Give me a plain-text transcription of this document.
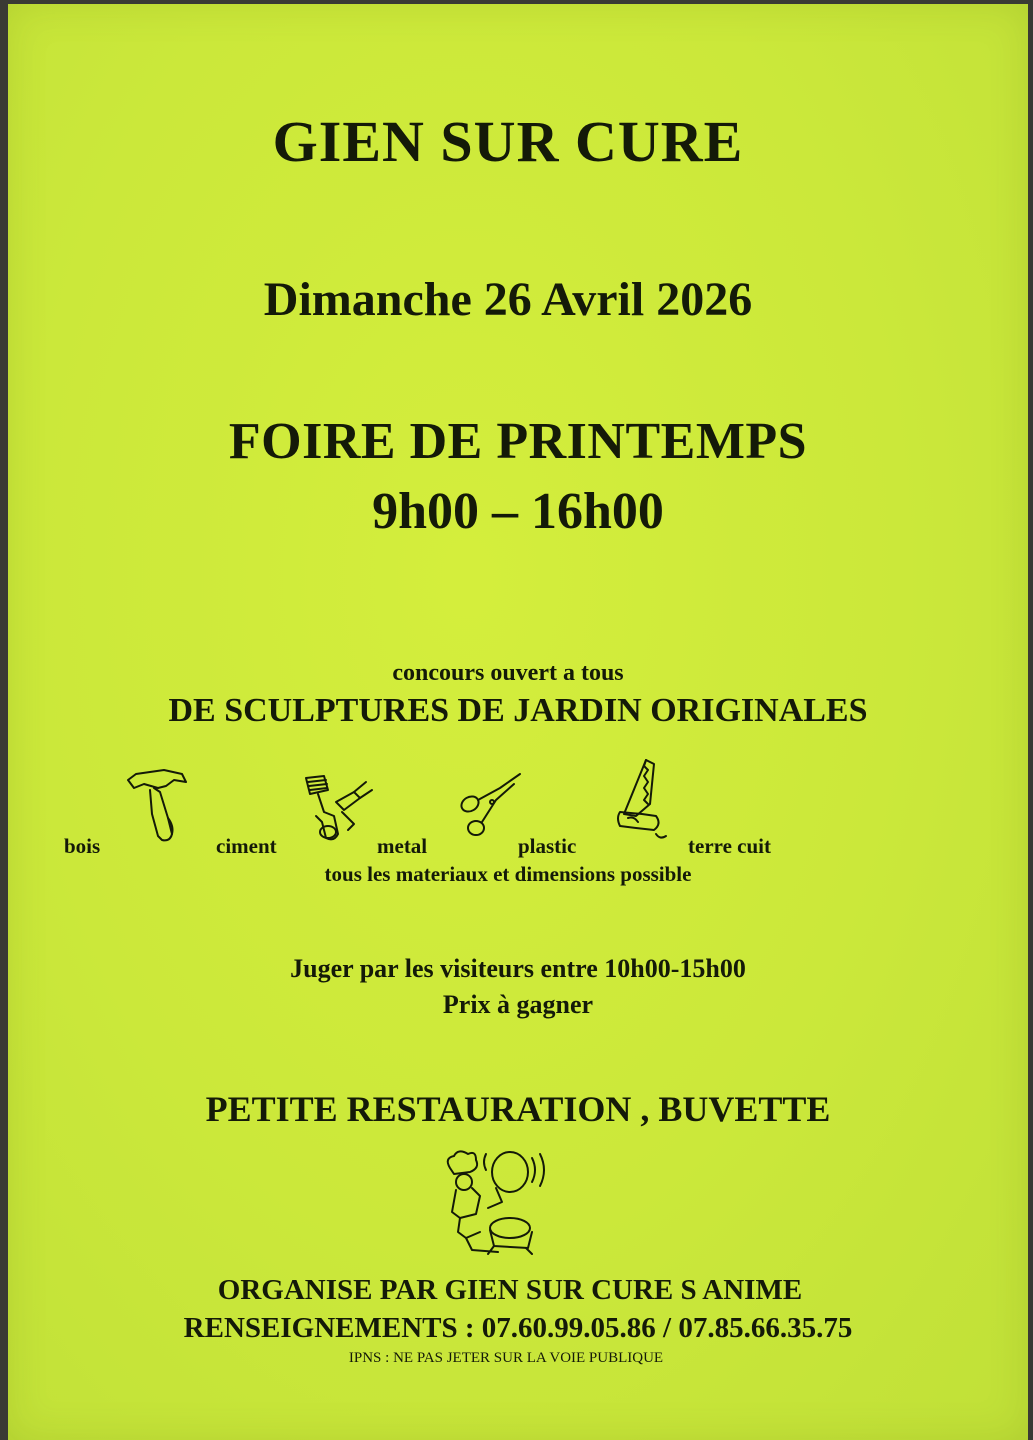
GIEN SUR CURE
Dimanche 26 Avril 2026
FOIRE DE PRINTEMPS
9h00 – 16h00
concours ouvert a tous
DE SCULPTURES DE JARDIN ORIGINALES
bois	ciment	metal	plastic	terre cuit
tous les materiaux et dimensions possible
Juger par les visiteurs entre 10h00-15h00
Prix à gagner
PETITE RESTAURATION , BUVETTE
ORGANISE PAR GIEN SUR CURE S ANIME
RENSEIGNEMENTS : 07.60.99.05.86 / 07.85.66.35.75
IPNS : NE PAS JETER SUR LA VOIE PUBLIQUE
